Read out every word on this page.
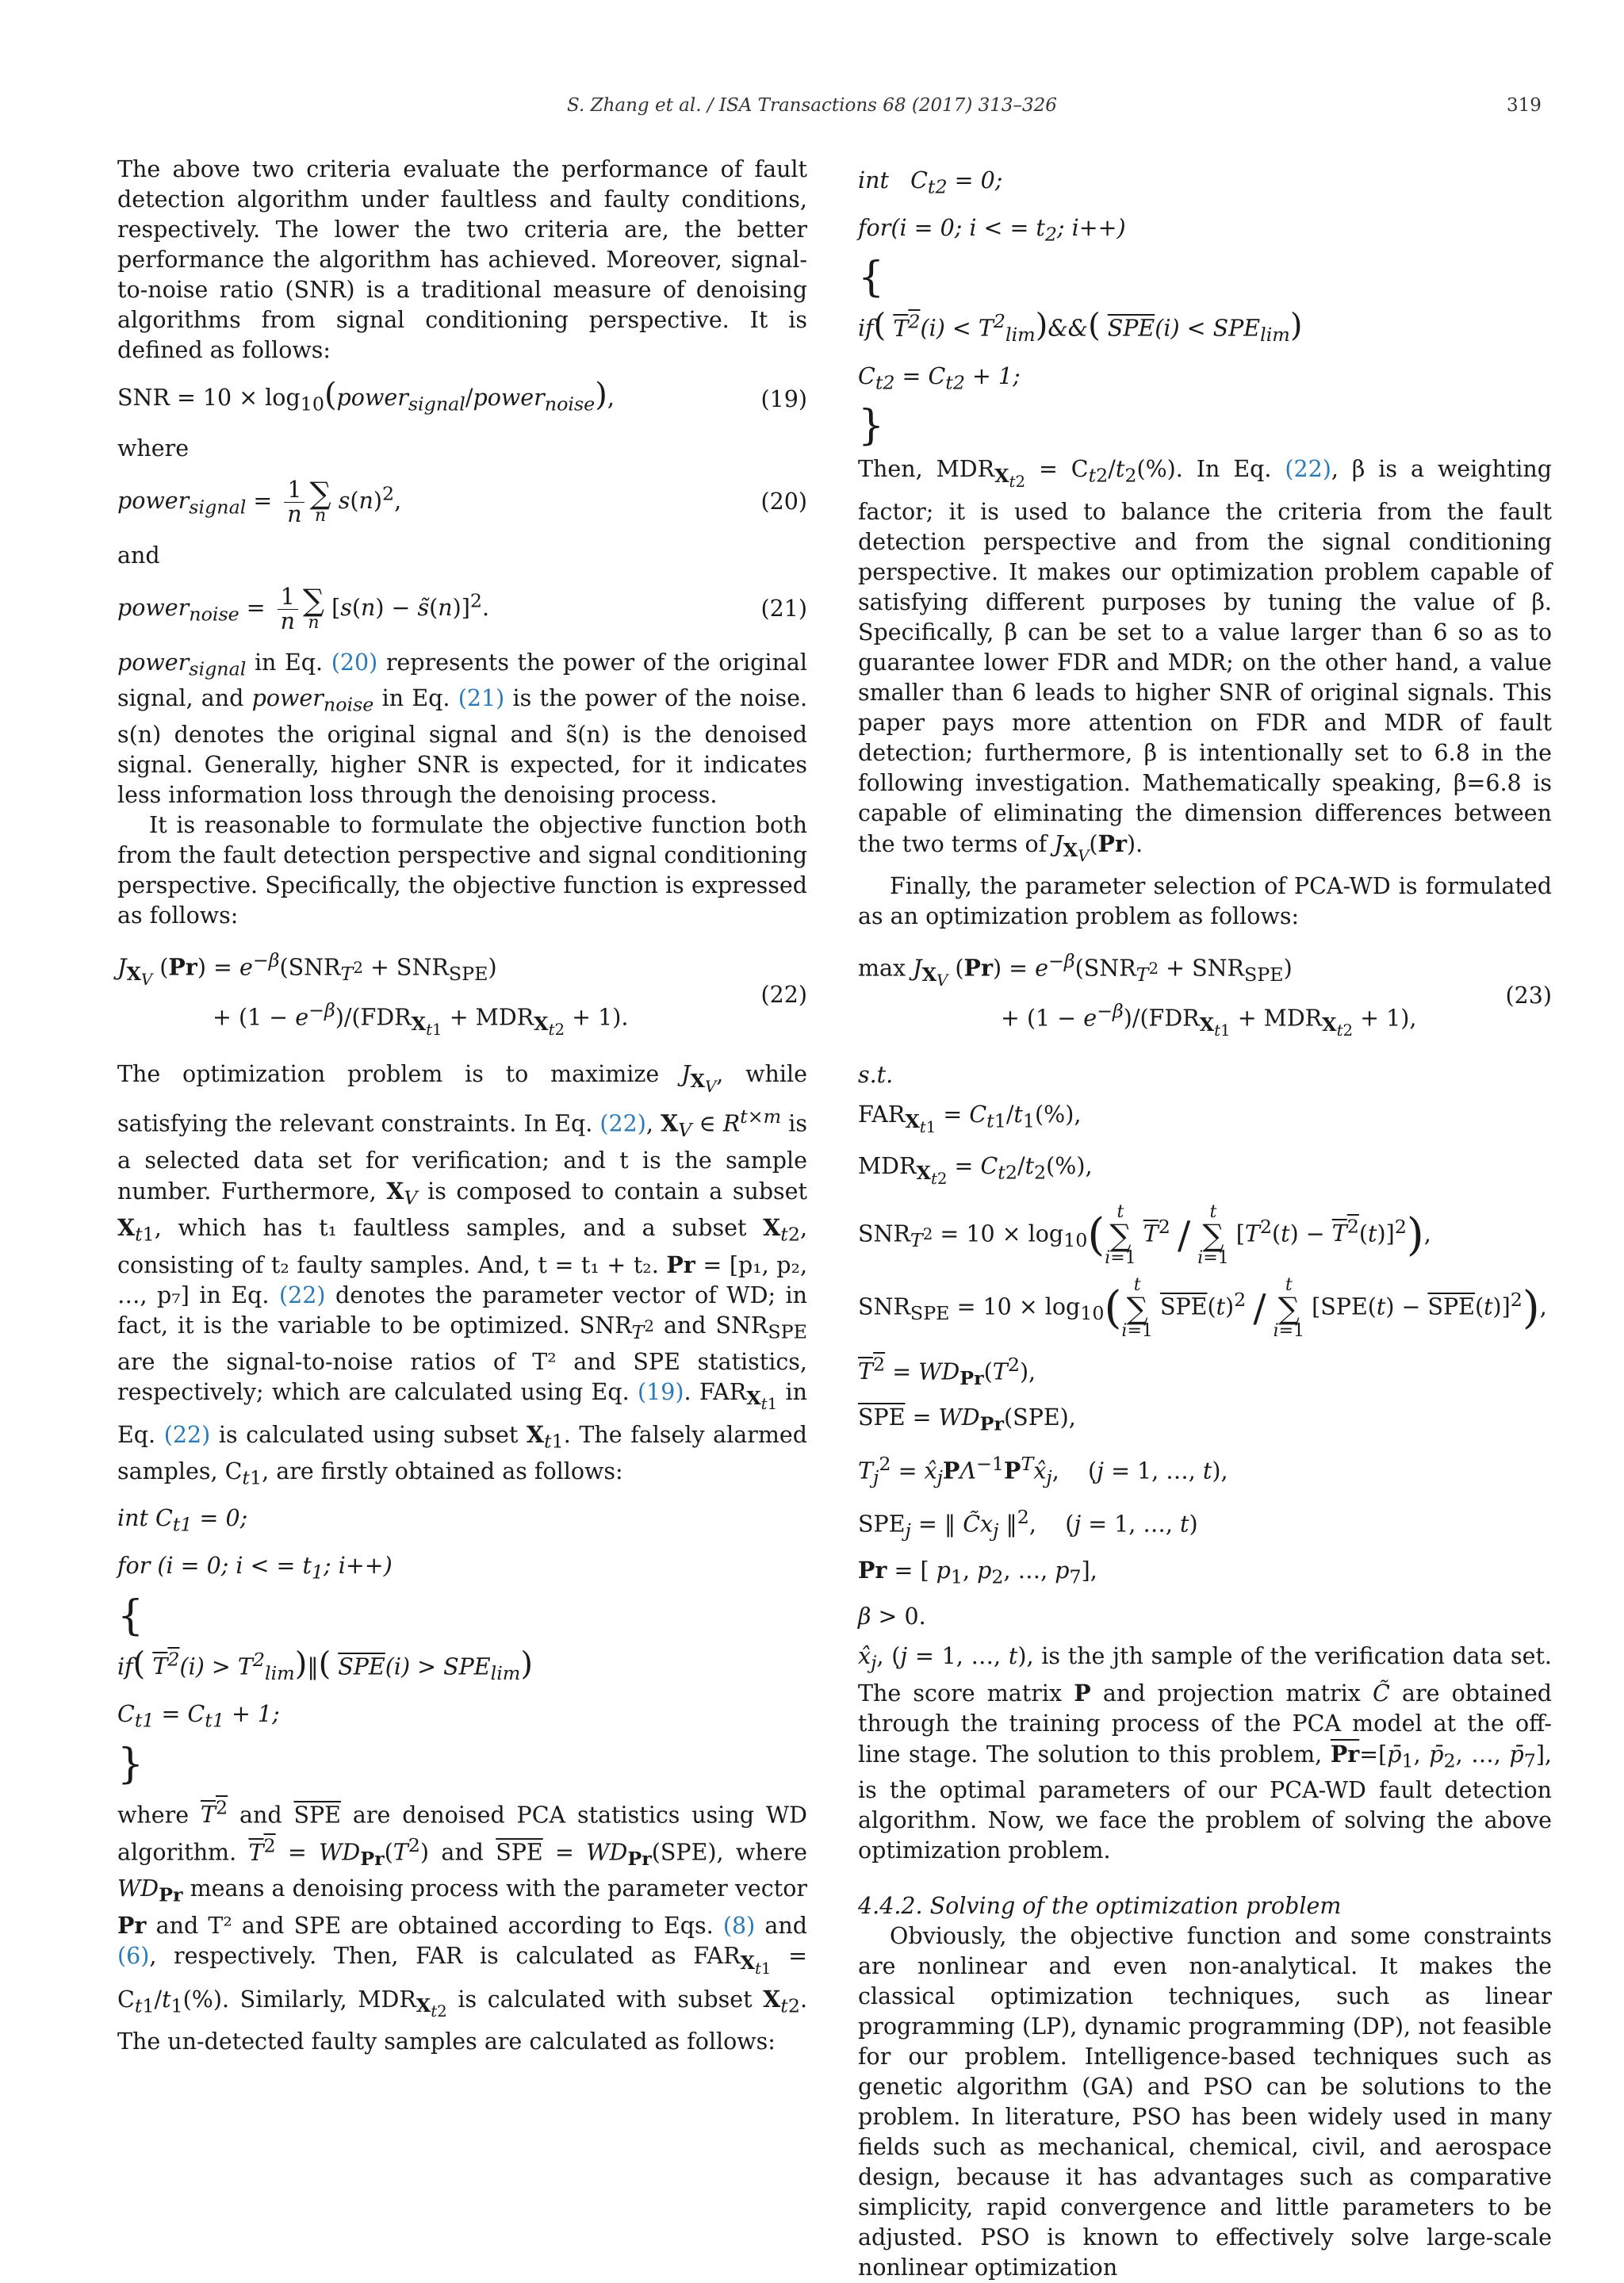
S. Zhang et al. / ISA Transactions 68 (2017) 313–326	319

The above two criteria evaluate the performance of fault detection algorithm under faultless and faulty conditions, respectively. The lower the two criteria are, the better performance the algorithm has achieved. Moreover, signal-to-noise ratio (SNR) is a traditional measure of denoising algorithms from signal conditioning perspective. It is defined as follows:

SNR = $10 \times \log_{10}(power_{signal}/power_{noise})$,	(19)

where

power$_{signal}$ = $\frac{1}{n}$ ∑
n $s(n)^2$,	(20)

and

power$_{noise}$ = $\frac{1}{n}$ ∑
n [s(n) − s̃(n)]$^2$.	(21)

power$_{signal}$ in Eq. (20) represents the power of the original signal, and power$_{noise}$ in Eq. (21) is the power of the noise. s(n) denotes the original signal and s̃(n) is the denoised signal. Generally, higher SNR is expected, for it indicates less information loss through the denoising process.

It is reasonable to formulate the objective function both from the fault detection perspective and signal conditioning perspective. Specifically, the objective function is expressed as follows:

$J_{X_V}$ $(Pr) = e^{-\beta}(SNR_{T^2} + SNR_{SPE})$
+ $(1 - e^{-\beta})/(FDR_{X_{t1}} + MDR_{X_{t2}} + 1)$.
(22)

The optimization problem is to maximize $J_{X_V}$, while satisfying the relevant constraints. In Eq. (22), $X_V$ ∈ $R^{t\times m}$ is a selected data set for verification; and t is the sample number. Furthermore, $X_V$ is composed to contain a subset $X_{t1}$, which has t₁ faultless samples, and a subset $X_{t2}$, consisting of t₂ faulty samples. And, t = t₁ + t₂. Pr = [p₁, p₂, …, p₇] in Eq. (22) denotes the parameter vector of WD; in fact, it is the variable to be optimized. $SNR_{T^2}$ and $SNR_{SPE}$ are the signal-to-noise ratios of T² and SPE statistics, respectively; which are calculated using Eq. (19). $FAR_{X_{t1}}$ in Eq. (22) is calculated using subset $X_{t1}$. The falsely alarmed samples, $C_{t1}$, are firstly obtained as follows:

int $C_{t1} = 0$;
for (i = 0; i < = $t_1$; i++)
{
if( $T^2(i)$ > $T^2_{lim})‖$( $\overline{SPE}(i) > SPE_{lim}$)
$C_{t1} = C_{t1} + 1$;
}

where $T^2$ and $\overline{SPE}$ are denoised PCA statistics using WD algorithm. $T^2 = WD_{Pr}(T^2)$ and $\overline{SPE} = WD_{Pr}(SPE)$, where $WD_{Pr}$ means a denoising process with the parameter vector Pr and T² and SPE are obtained according to Eqs. (8) and (6), respectively. Then, FAR is calculated as $FAR_{X_{t1}} = C_{t1}/t_1(\%)$. Similarly, $MDR_{X_{t2}}$ is calculated with subset $X_{t2}$. The un-detected faulty samples are calculated as follows:

int   $C_{t2} = 0$;
for(i = 0; i < = $t_2$; i++)
{
if( $T^2(i)$ < $T^2_{lim})\&\&$( $\overline{SPE}(i) < SPE_{lim}$)
$C_{t2} = C_{t2} + 1$;
}

Then, $MDR_{X_{t2}} = C_{t2}/t_2(\%)$. In Eq. (22), β is a weighting factor; it is used to balance the criteria from the fault detection perspective and from the signal conditioning perspective. It makes our optimization problem capable of satisfying different purposes by tuning the value of β. Specifically, β can be set to a value larger than 6 so as to guarantee lower FDR and MDR; on the other hand, a value smaller than 6 leads to higher SNR of original signals. This paper pays more attention on FDR and MDR of fault detection; furthermore, β is intentionally set to 6.8 in the following investigation. Mathematically speaking, β=6.8 is capable of eliminating the dimension differences between the two terms of $J_{X_V}(Pr)$.

Finally, the parameter selection of PCA-WD is formulated as an optimization problem as follows:

$\max J_{X_V}$ $(Pr) = e^{-\beta}(SNR_{T^2} + SNR_{SPE})$
+ $(1 - e^{-\beta})/(FDR_{X_{t1}} + MDR_{X_{t2}} + 1)$,
(23)

s.t.

$FAR_{X_{t1}} = C_{t1}/t_1(\%)$,
$MDR_{X_{t2}} = C_{t2}/t_2(\%)$,
$SNR_{T^2} = 10 \times \log_{10}$( t
∑
i=1 $\overline{T}^2$ / t
∑
i=1 $[T^2(t) - T^2(t)]^2$),
$SNR_{SPE} = 10 \times \log_{10}$( t
∑
i=1 $\overline{SPE}(t)^2$ / t
∑
i=1 $[SPE(t) - \overline{SPE}(t)]^2$),
$T^2 = WD_{Pr}(T^2)$,
$\overline{SPE} = WD_{Pr}(SPE)$,
$T_j^2$ = $x̂_jP\Lambda^{-1}P^Tx̂_j$,    (j = 1, …, t),
$SPE_j$ = ‖ $C̃x_j$ ‖$^2$,    (j = 1, …, t)
Pr = [ $p_1$, $p_2$, …, $p_7$],
β > 0.

$x̂_j$, (j = 1, …, t), is the jth sample of the verification data set. The score matrix P and projection matrix C̃ are obtained through the training process of the PCA model at the off-line stage. The solution to this problem, $\overline{Pr}=[p̄_1$, $p̄_2$, …, $p̄_7$], is the optimal parameters of our PCA-WD fault detection algorithm. Now, we face the problem of solving the above optimization problem.

4.4.2. Solving of the optimization problem

Obviously, the objective function and some constraints are nonlinear and even non-analytical. It makes the classical optimization techniques, such as linear programming (LP), dynamic programming (DP), not feasible for our problem. Intelligence-based techniques such as genetic algorithm (GA) and PSO can be solutions to the problem. In literature, PSO has been widely used in many fields such as mechanical, chemical, civil, and aerospace design, because it has advantages such as comparative simplicity, rapid convergence and little parameters to be adjusted. PSO is known to effectively solve large-scale nonlinear optimization
